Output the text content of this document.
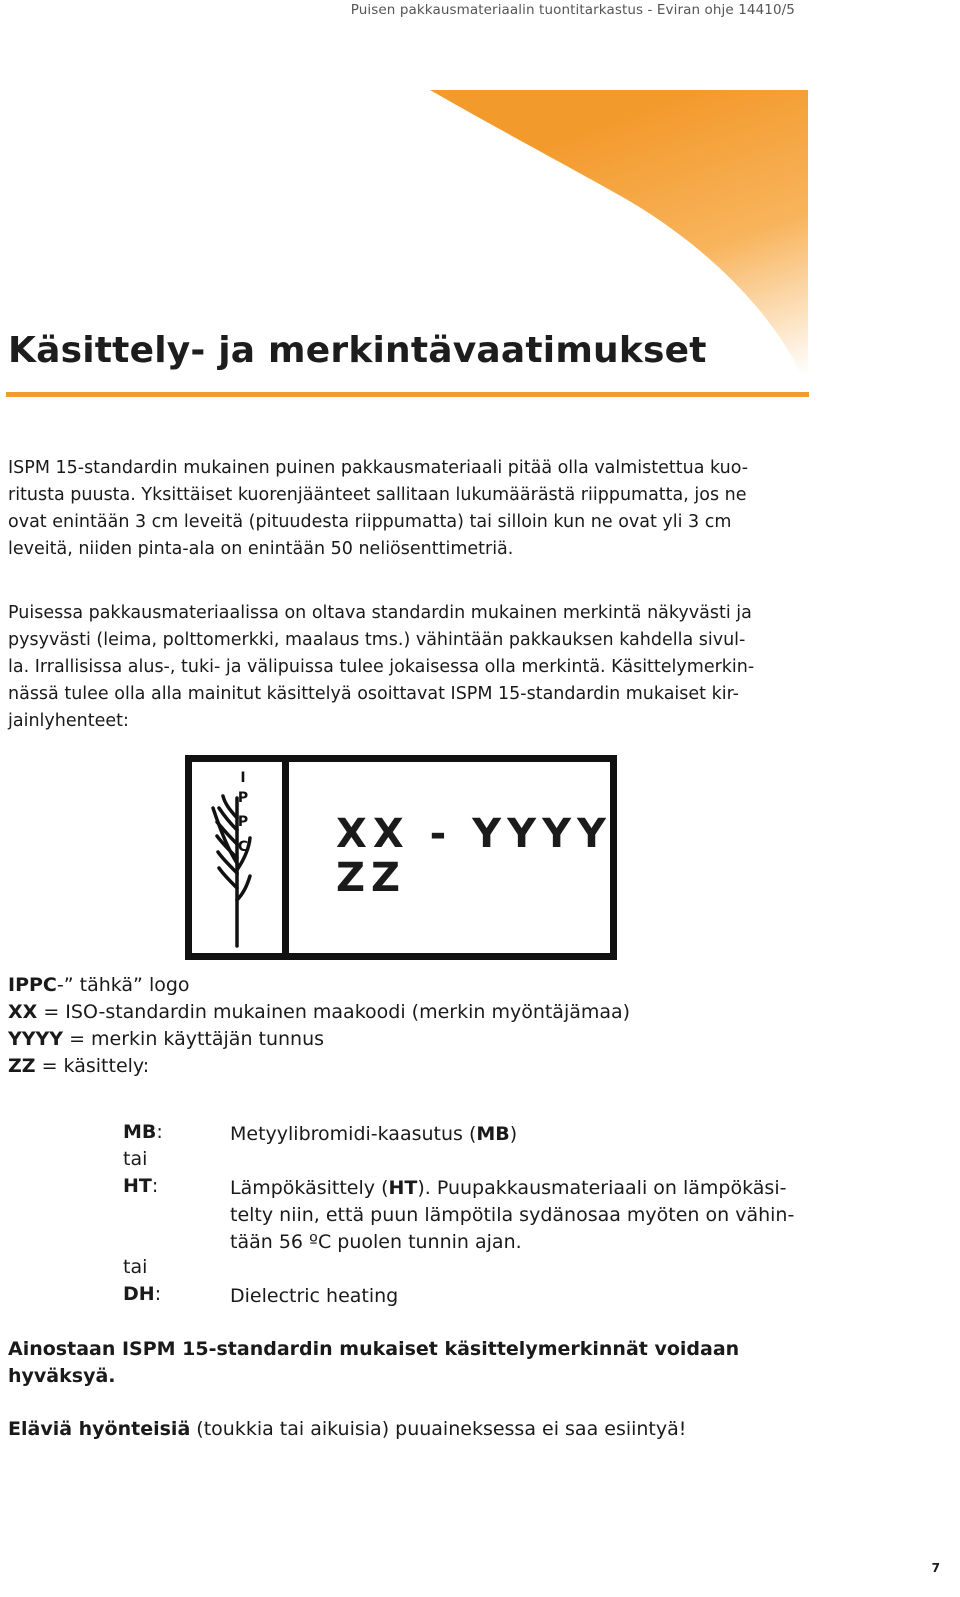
Puisen pakkausmateriaalin tuontitarkastus - Eviran ohje 14410/5
Käsittely- ja merkintävaatimukset

ISPM 15-standardin mukainen puinen pakkausmateriaali pitää olla valmistettua kuo-
ritusta puusta. Yksittäiset kuorenjäänteet sallitaan lukumäärästä riippumatta, jos ne
ovat enintään 3 cm leveitä (pituudesta riippumatta) tai silloin kun ne ovat yli 3 cm
leveitä, niiden pinta-ala on enintään 50 neliösenttimetriä.

Puisessa pakkausmateriaalissa on oltava standardin mukainen merkintä näkyvästi ja
pysyvästi (leima, polttomerkki, maalaus tms.) vähintään pakkauksen kahdella sivul-
la. Irrallisissa alus-, tuki- ja välipuissa tulee jokaisessa olla merkintä. Käsittelymerkin-
nässä tulee olla alla mainitut käsittelyä osoittavat ISPM 15-standardin mukaiset kir-
jainlyhenteet:

I
P
P
C XX - YYYY
ZZ
IPPC-” tähkä” logo
XX = ISO-standardin mukainen maakoodi (merkin myöntäjämaa)
YYYY = merkin käyttäjän tunnus
ZZ = käsittely:
MB:	Metyylibromidi-kaasutus (MB)
tai
HT:	Lämpökäsittely (HT). Puupakkausmateriaali on lämpökäsi-
telty niin, että puun lämpötila sydänosaa myöten on vähin-
tään 56 ºC puolen tunnin ajan.
tai
DH:	Dielectric heating
Ainostaan ISPM 15-standardin mukaiset käsittelymerkinnät voidaan
hyväksyä.
Eläviä hyönteisiä (toukkia tai aikuisia) puuaineksessa ei saa esiintyä!
7
